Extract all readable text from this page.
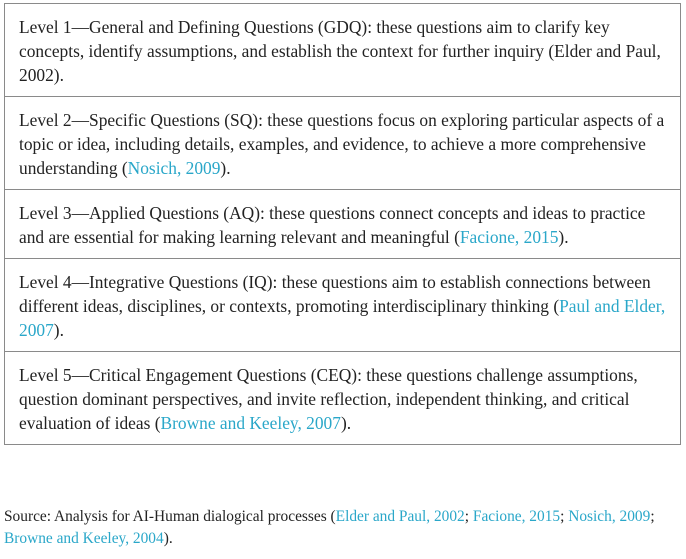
Level 1—General and Defining Questions (GDQ): these questions aim to clarify key concepts, identify assumptions, and establish the context for further inquiry (Elder and Paul, 2002).
Level 2—Specific Questions (SQ): these questions focus on exploring particular aspects of a topic or idea, including details, examples, and evidence, to achieve a more comprehensive understanding (Nosich, 2009).
Level 3—Applied Questions (AQ): these questions connect concepts and ideas to practice and are essential for making learning relevant and meaningful (Facione, 2015).
Level 4—Integrative Questions (IQ): these questions aim to establish connections between different ideas, disciplines, or contexts, promoting interdisciplinary thinking (Paul and Elder, 2007).
Level 5—Critical Engagement Questions (CEQ): these questions challenge assumptions, question dominant perspectives, and invite reflection, independent thinking, and critical evaluation of ideas (Browne and Keeley, 2007).
Source: Analysis for AI-Human dialogical processes (Elder and Paul, 2002; Facione, 2015; Nosich, 2009; Browne and Keeley, 2004).
